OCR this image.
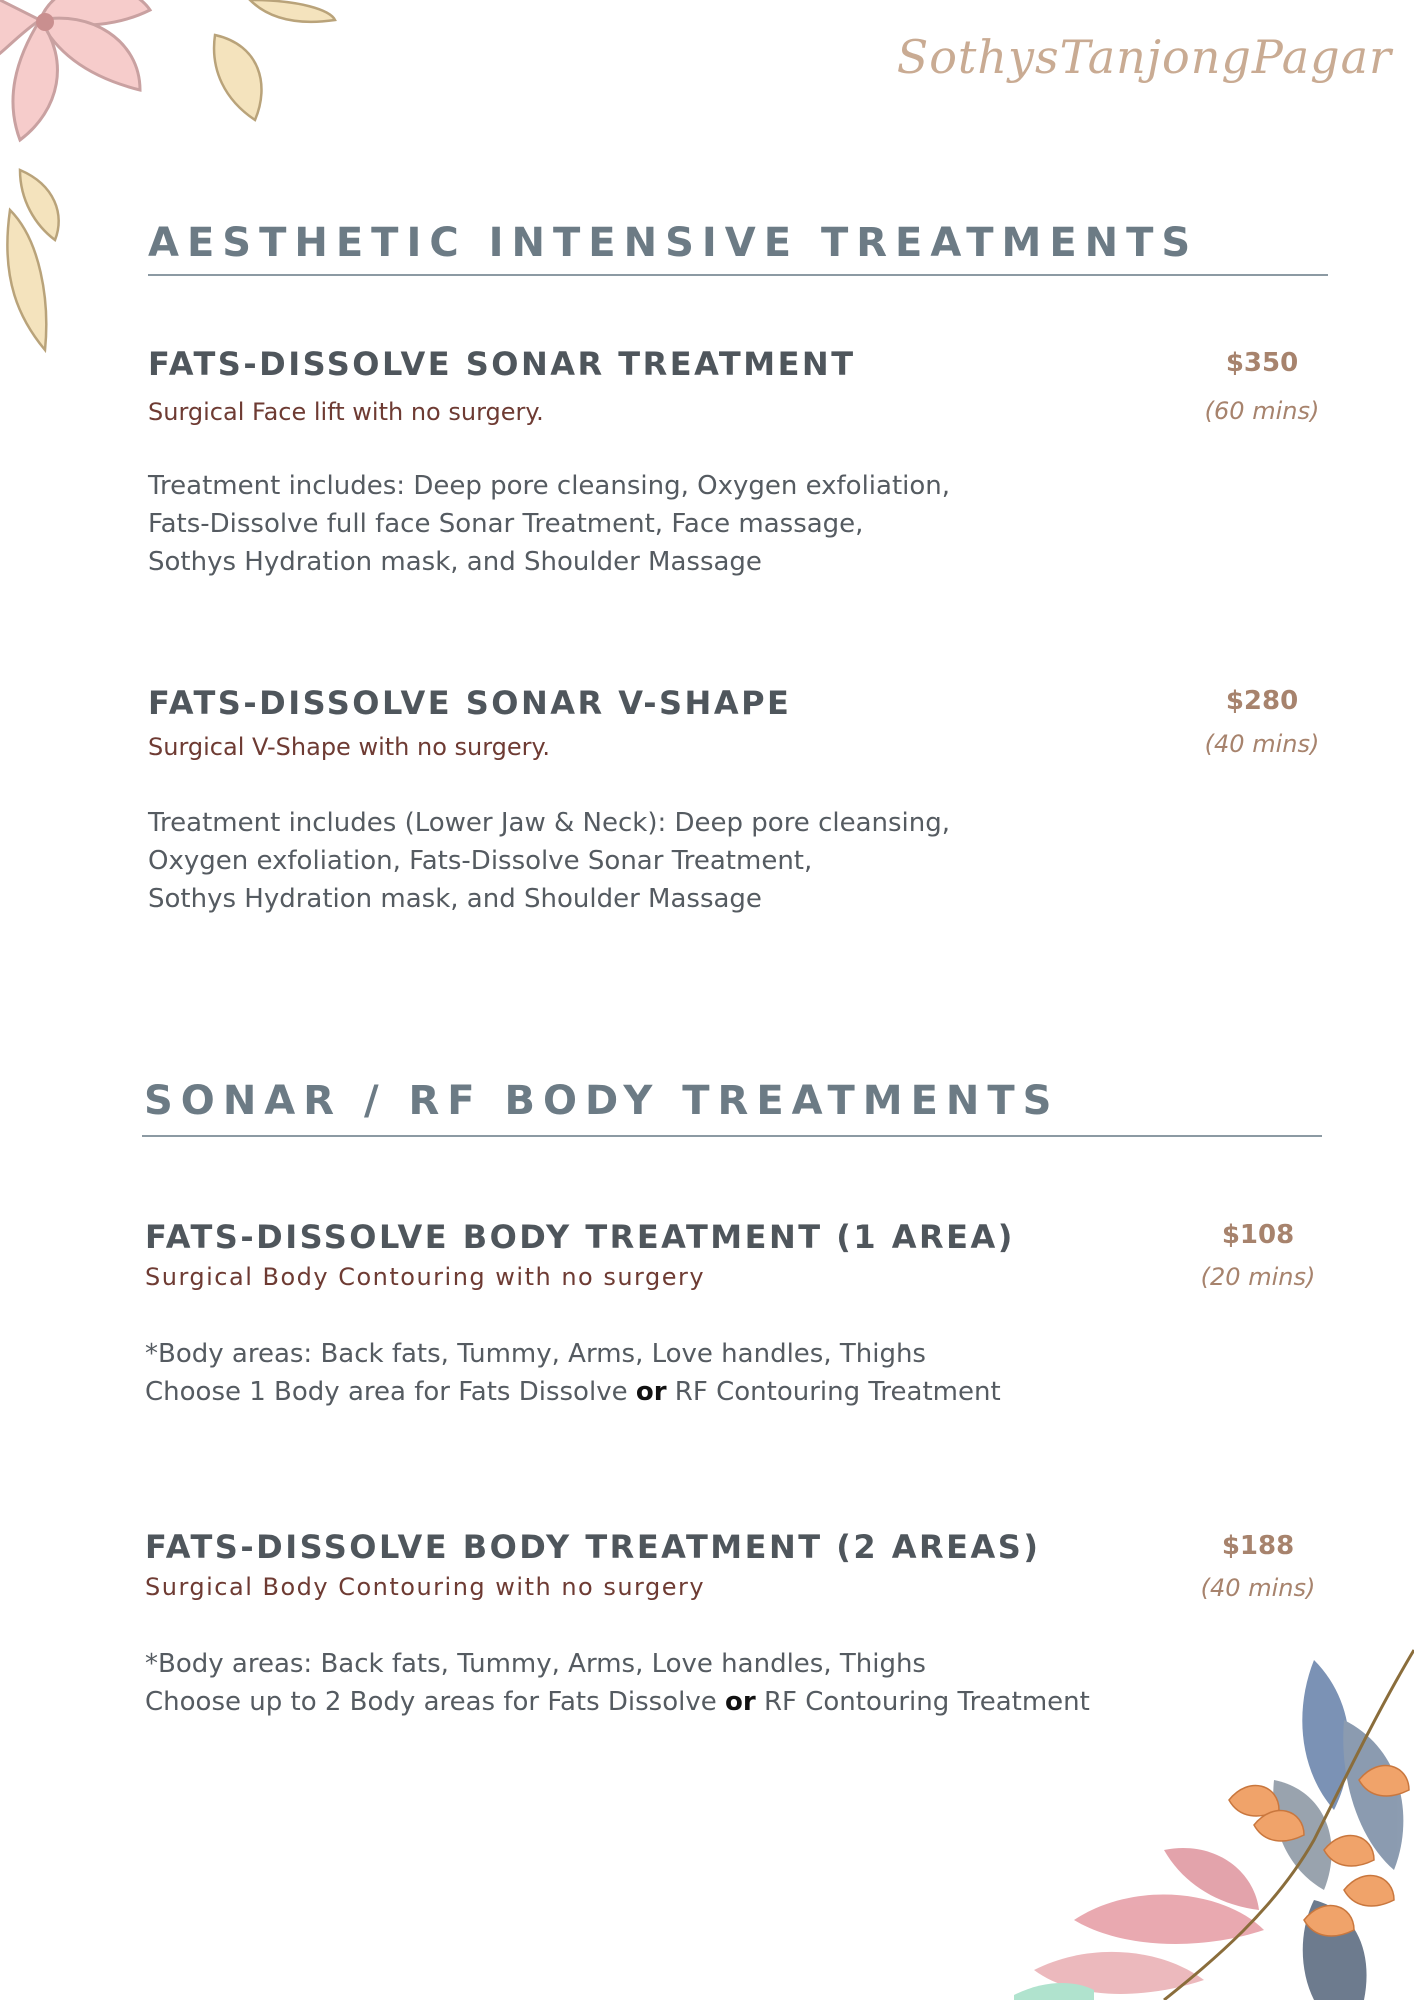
SothysTanjongPagar
AESTHETIC INTENSIVE TREATMENTS
FATS-DISSOLVE SONAR TREATMENT
Surgical Face lift with no surgery.
Treatment includes: Deep pore cleansing, Oxygen exfoliation,
Fats-Dissolve full face Sonar Treatment, Face massage,
Sothys Hydration mask, and Shoulder Massage
$350
(60 mins)
FATS-DISSOLVE SONAR V-SHAPE
Surgical V-Shape with no surgery.
Treatment includes (Lower Jaw & Neck): Deep pore cleansing,
Oxygen exfoliation, Fats-Dissolve Sonar Treatment,
Sothys Hydration mask, and Shoulder Massage
$280
(40 mins)
SONAR / RF BODY TREATMENTS
FATS-DISSOLVE BODY TREATMENT (1 AREA)
Surgical Body Contouring with no surgery
*Body areas: Back fats, Tummy, Arms, Love handles, Thighs
Choose 1 Body area for Fats Dissolve or RF Contouring Treatment
$108
(20 mins)
FATS-DISSOLVE BODY TREATMENT (2 AREAS)
Surgical Body Contouring with no surgery
*Body areas: Back fats, Tummy, Arms, Love handles, Thighs
Choose up to 2 Body areas for Fats Dissolve or RF Contouring Treatment
$188
(40 mins)
